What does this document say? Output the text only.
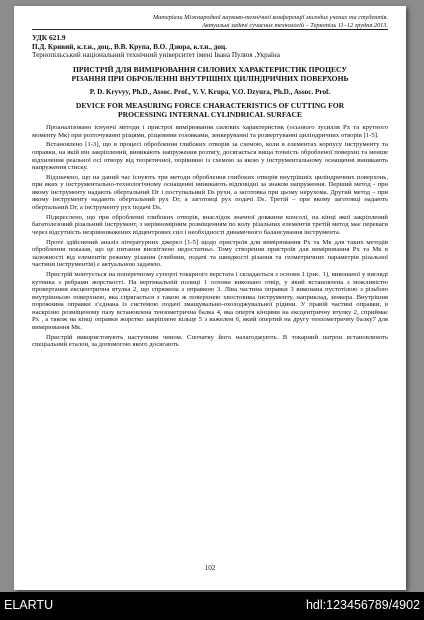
Матеріали Міжнародної науково-технічної конференції молодих учених та студентів.
Актуальні задачі сучасних технологій – Тернопіль 11–12 грудня 2013.
УДК 621.9
П.Д. Кривий, к.т.н., доц., В.В. Крупа, В.О. Дзюра, к.т.н., доц.
Тернопільський національний технічний університет імені Івана Пулюя ,Україна
ПРИСТРІЙ ДЛЯ ВИМІРЮВАННЯ СИЛОВИХ ХАРАКТЕРИСТИК ПРОЦЕСУ
РІЗАННЯ ПРИ ОБРОБЛЕННІ ВНУТРІШНІХ ЦИЛІНДРИЧНИХ ПОВЕРХОНЬ
P. D. Kryvyy, Ph.D., Assoc. Prof., V. V. Krupa, V.O. Dzyura, Ph.D., Assoc. Prof.
DEVICE FOR MEASURING FORCE CHARACTERISTICS OF CUTTING FOR
PROCESSING INTERNAL CYLINDRICAL SURFACE

Проаналізовано існуючі методи і пристрої вимірювання силових характеристик (осьового зусилля Pх та крутного моменту Мк) при розточуванні різцями, різцевими головками, зенкеруванні та розвертуванні циліндричних отворів [1-5].

Встановлено [1-3], що в процесі оброблення глибоких отворів за схемою, коли в елементах корпусу інструменту та оправки, на якій він закріплений, виникають напруження розтягу, досягається вища точність обробленої поверхні та менше відхилення реальної осі отвору від теоретичної, порівняно із схемою за якою у інструментальному оснащенні виникають напруження стиску.

Відзначено, що на даний час існують три методи оброблення глибоких отворів внутрішніх циліндричних поверхонь, при яких у інструментально-технологічному оснащенні виникають відповідні за знаком напруження. Перший метод - при якому інструменту надають обертальний Dг і поступальний Ds рухи, а заготовка при цьому нерухома. Другий метод – при якому інструменту надають обертальний рух Dг, а заготовці рух подачі Ds. Третій – при якому заготовці надають обертальний Dг, а інструменту рух подачі Ds.

Підкреслено, що при обробленні глибоких отворів, внаслідок значної довжини консолі, на кінці якої закріплений багатолезовий різальний інструмент, з нерівномірним розміщенням по колу різальних елементів третій метод має переваги через відсутність незрівноважених відцентрових сил і необхідності динамічного балансування інструмента.

Проте здійснений аналіз літературних джерел [1-5] щодо пристроїв для вимірювання Pх та Мк для таких методів оброблення показав, що це питання висвітлено недостатньо. Тому створення пристроїв для вимірювання Pх та Мк в залежності від елементів режиму різання (глибини, подачі та швидкості різання та геометричних параметрів різальної частини інструментів) є актуальною задачею.

Пристрій монтується на поперечному супорті токарного верстата і складається з основи 1 (рис. 1), виконаної у вигляді кутника з ребрами жорсткості. На вертикальній полиці 1 основи виконано отвір, у який встановлена з можливістю провертання ексцентрична втулка 2, що спряжена з оправкою 3. Ліва частина оправки 3 виконана пустотілою з різьбою внутрішньою поверхнею, яка спрягається з такою ж поверхнею хвостовика інструменту, наприклад, зенкера. Внутрішня порожнина оправки з’єднана із системою подачі змащувально-охолоджувальної рідини. У правій частині оправки, в наскрізно розміщеному пазу встановлена тензометрична балка 4, яка опертя кінцями на ексцентричну втулку 2, сприймає Pх , а також на кінці оправки жорстко закріплене кільце 5 з важелем 6, який опертий на другу тензометричну балку7 для вимірювання Мк.

Пристрій використовують наступним чином. Спочатку його налагоджують. В токарний патрон встановлюють спеціальний еталон, за допомогою якого досягають

102
ELARTU	hdl:123456789/4902
